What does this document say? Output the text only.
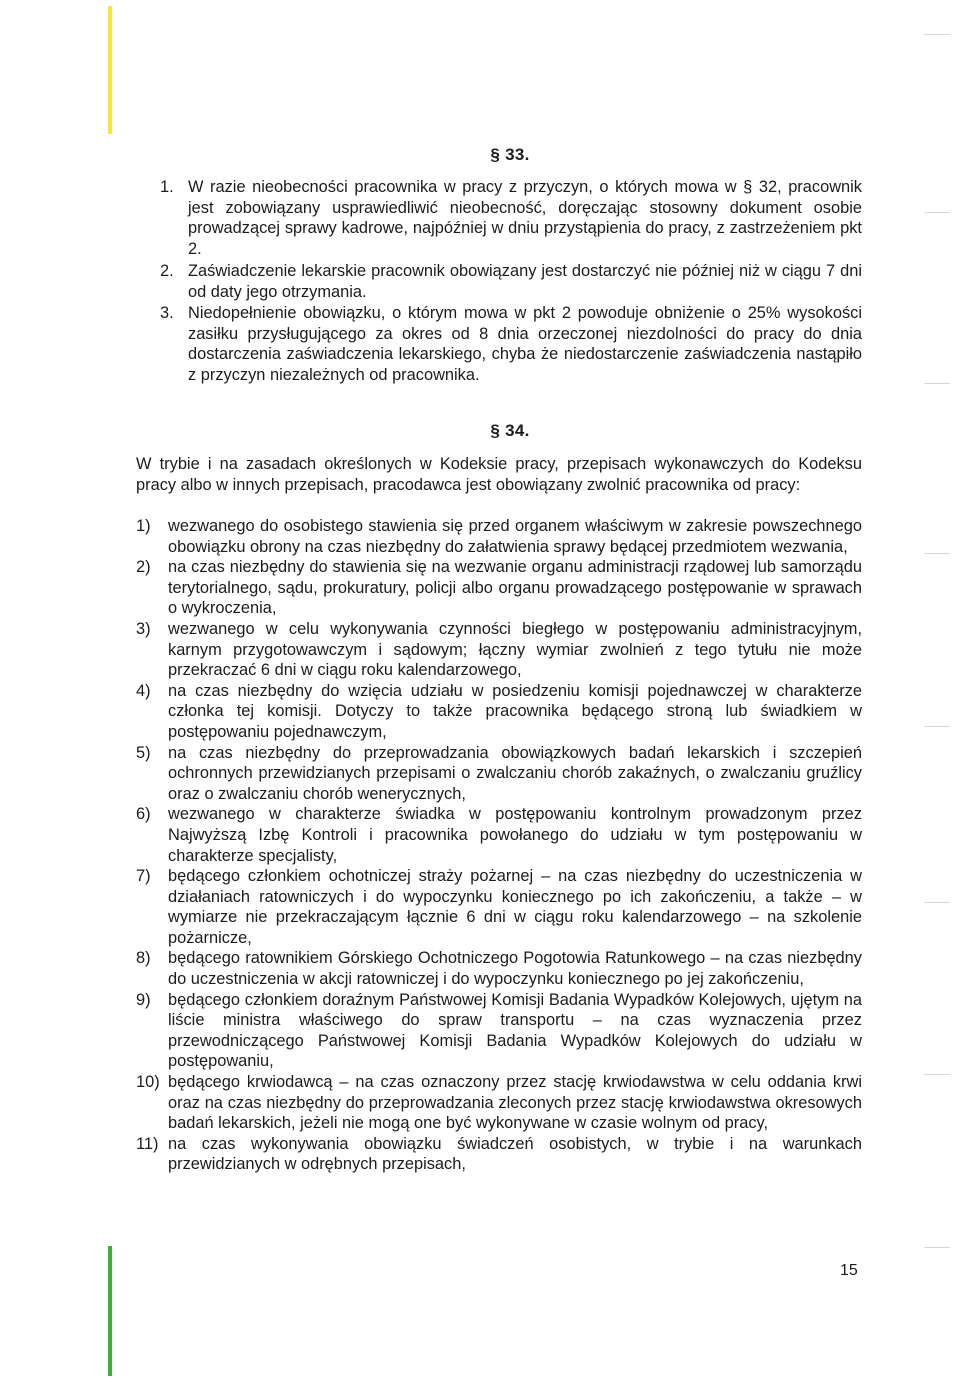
§ 33.
1. W razie nieobecności pracownika w pracy z przyczyn, o których mowa w § 32, pracownik jest zobowiązany usprawiedliwić nieobecność, doręczając stosowny dokument osobie prowadzącej sprawy kadrowe, najpóźniej w dniu przystąpienia do pracy, z zastrzeżeniem pkt 2.
2. Zaświadczenie lekarskie pracownik obowiązany jest dostarczyć nie później niż w ciągu 7 dni od daty jego otrzymania.
3. Niedopełnienie obowiązku, o którym mowa w pkt 2 powoduje obniżenie o 25% wysokości zasiłku przysługującego za okres od 8 dnia orzeczonej niezdolności do pracy do dnia dostarczenia zaświadczenia lekarskiego, chyba że niedostarczenie zaświadczenia nastąpiło z przyczyn niezależnych od pracownika.
§ 34.
W trybie i na zasadach określonych w Kodeksie pracy, przepisach wykonawczych do Kodeksu pracy albo w innych przepisach, pracodawca jest obowiązany zwolnić pracownika od pracy:
1) wezwanego do osobistego stawienia się przed organem właściwym w zakresie powszechnego obowiązku obrony na czas niezbędny do załatwienia sprawy będącej przedmiotem wezwania,
2) na czas niezbędny do stawienia się na wezwanie organu administracji rządowej lub samorządu terytorialnego, sądu, prokuratury, policji albo organu prowadzącego postępowanie w sprawach o wykroczenia,
3) wezwanego w celu wykonywania czynności biegłego w postępowaniu administracyjnym, karnym przygotowawczym i sądowym; łączny wymiar zwolnień z tego tytułu nie może przekraczać 6 dni w ciągu roku kalendarzowego,
4) na czas niezbędny do wzięcia udziału w posiedzeniu komisji pojednawczej w charakterze członka tej komisji. Dotyczy to także pracownika będącego stroną lub świadkiem w postępowaniu pojednawczym,
5) na czas niezbędny do przeprowadzania obowiązkowych badań lekarskich i szczepień ochronnych przewidzianych przepisami o zwalczaniu chorób zakaźnych, o zwalczaniu gruźlicy oraz o zwalczaniu chorób wenerycznych,
6) wezwanego w charakterze świadka w postępowaniu kontrolnym prowadzonym przez Najwyższą Izbę Kontroli i pracownika powołanego do udziału w tym postępowaniu w charakterze specjalisty,
7) będącego członkiem ochotniczej straży pożarnej – na czas niezbędny do uczestniczenia w działaniach ratowniczych i do wypoczynku koniecznego po ich zakończeniu, a także – w wymiarze nie przekraczającym łącznie 6 dni w ciągu roku kalendarzowego – na szkolenie pożarnicze,
8) będącego ratownikiem Górskiego Ochotniczego Pogotowia Ratunkowego – na czas niezbędny do uczestniczenia w akcji ratowniczej i do wypoczynku koniecznego po jej zakończeniu,
9) będącego członkiem doraźnym Państwowej Komisji Badania Wypadków Kolejowych, ujętym na liście ministra właściwego do spraw transportu – na czas wyznaczenia przez przewodniczącego Państwowej Komisji Badania Wypadków Kolejowych do udziału w postępowaniu,
10) będącego krwiodawcą – na czas oznaczony przez stację krwiodawstwa w celu oddania krwi oraz na czas niezbędny do przeprowadzania zleconych przez stację krwiodawstwa okresowych badań lekarskich, jeżeli nie mogą one być wykonywane w czasie wolnym od pracy,
11) na czas wykonywania obowiązku świadczeń osobistych, w trybie i na warunkach przewidzianych w odrębnych przepisach,
15
